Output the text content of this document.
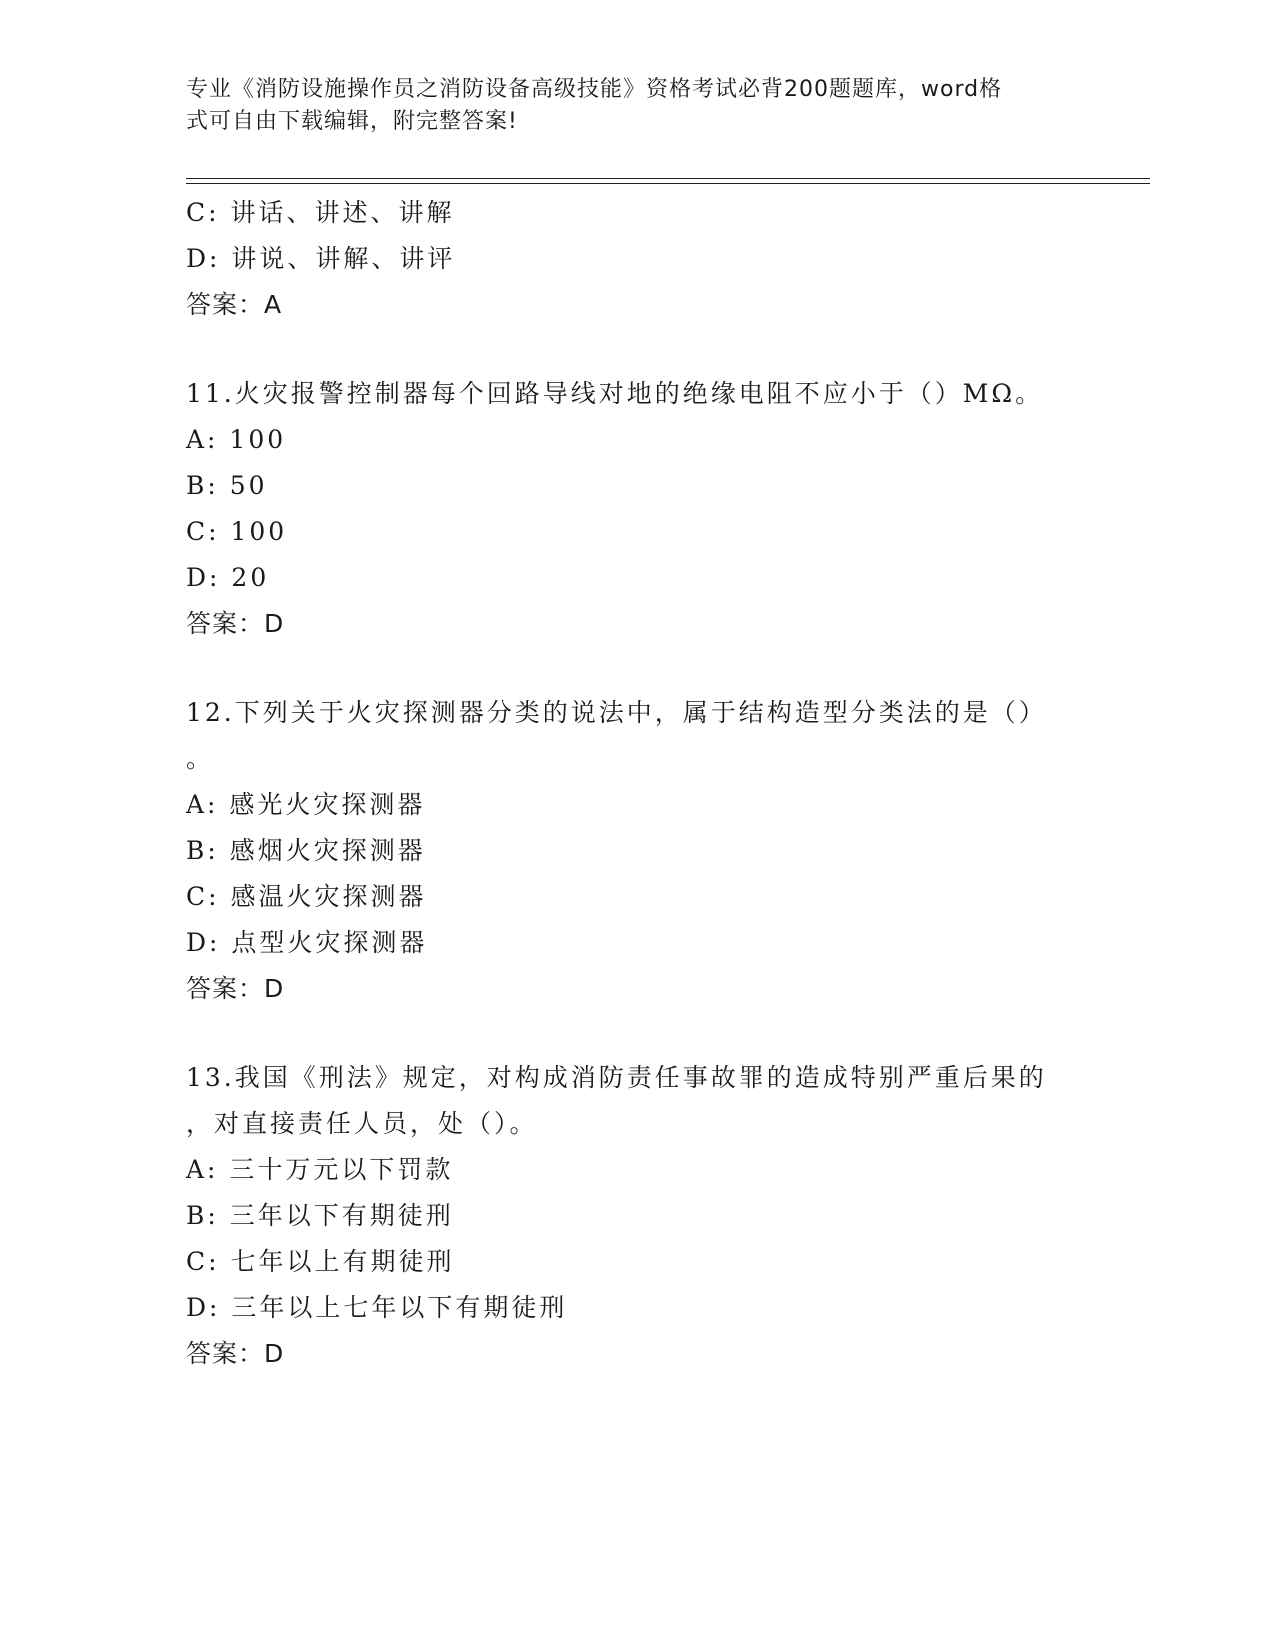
专业《消防设施操作员之消防设备高级技能》资格考试必背200题题库，word格
式可自由下载编辑，附完整答案!
C: 讲话、讲述、讲解
D: 讲说、讲解、讲评
答案：A
11.火灾报警控制器每个回路导线对地的绝缘电阻不应小于（）MΩ。
A: 100
B: 50
C: 100
D: 20
答案：D
12.下列关于火灾探测器分类的说法中，属于结构造型分类法的是（）
。
A: 感光火灾探测器
B: 感烟火灾探测器
C: 感温火灾探测器
D: 点型火灾探测器
答案：D
13.我国《刑法》规定，对构成消防责任事故罪的造成特别严重后果的
，对直接责任人员，处（）。
A: 三十万元以下罚款
B: 三年以下有期徒刑
C: 七年以上有期徒刑
D: 三年以上七年以下有期徒刑
答案：D
